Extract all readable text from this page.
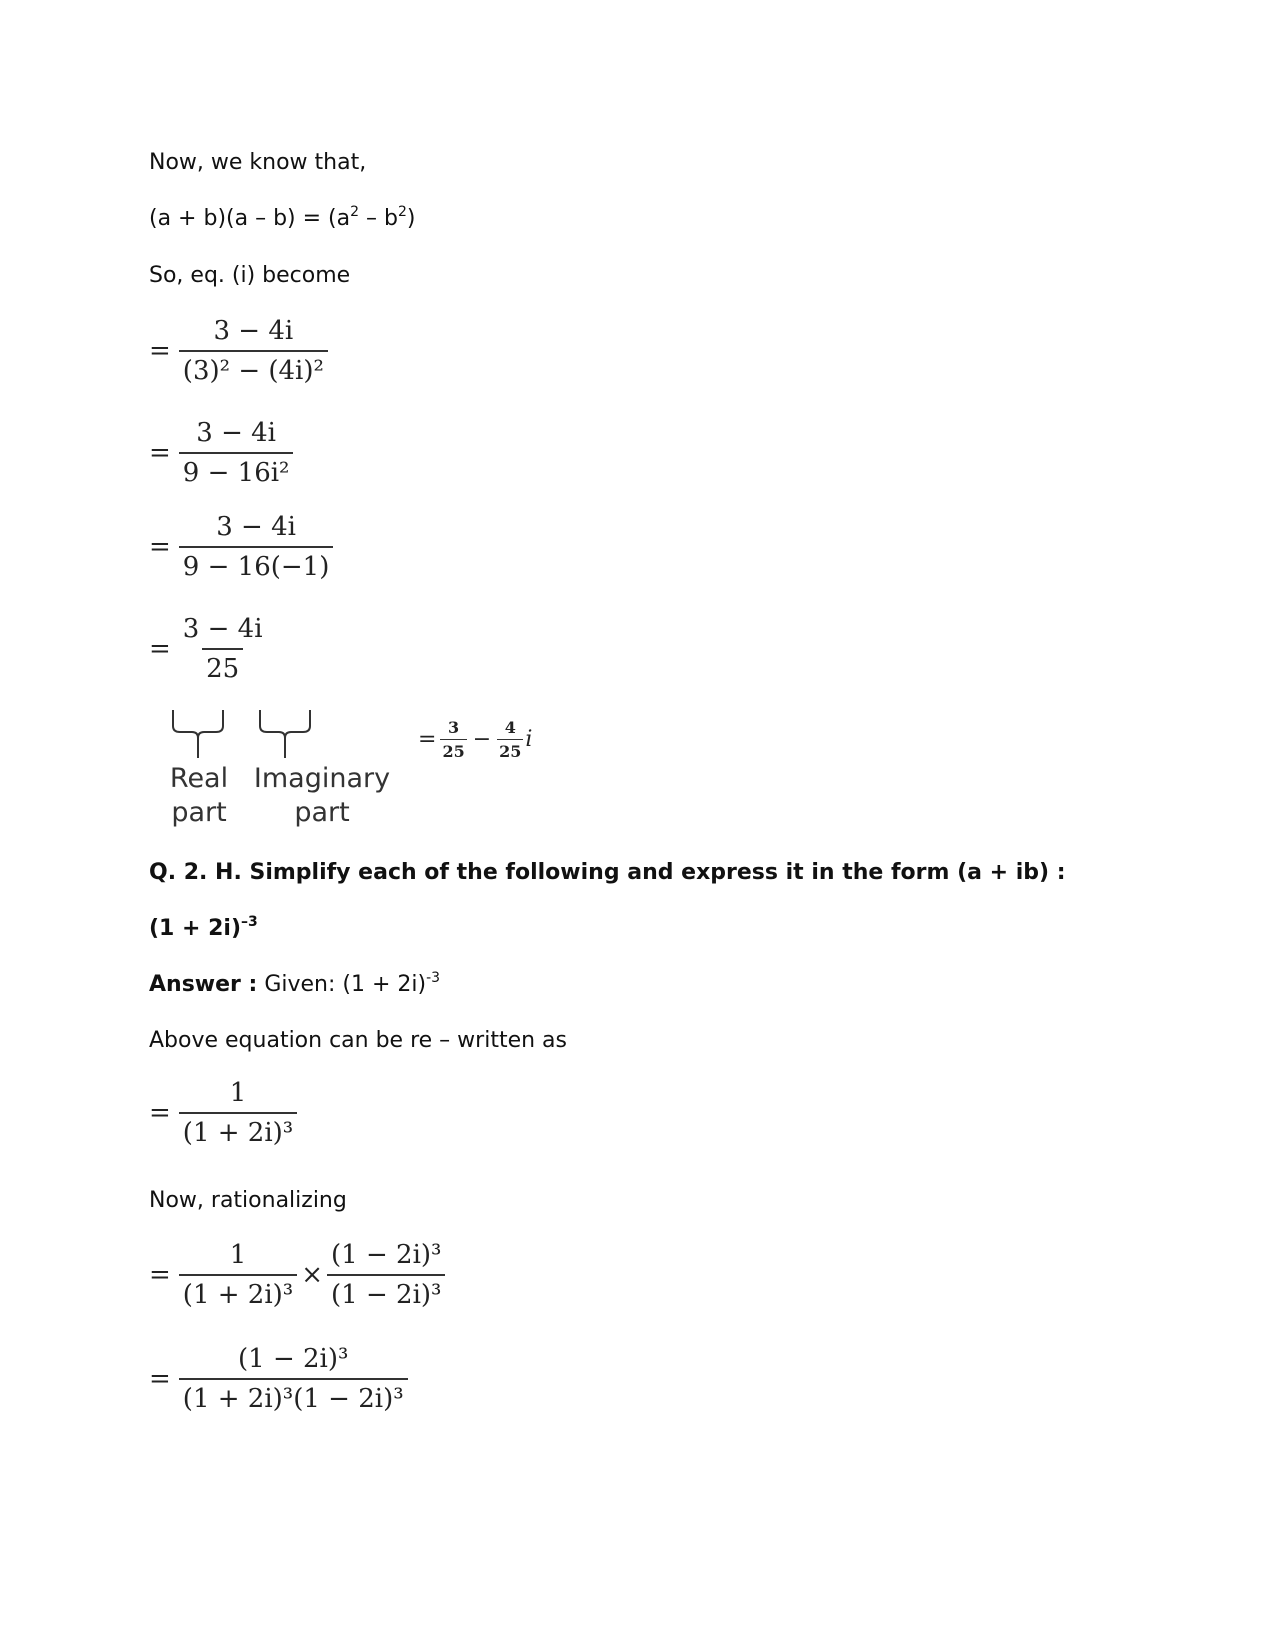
Now, we know that,
$(a + b)(a - b) = (a^2 - b^2)$
So, eq. (i) become
= $\frac{3 - 4i}{\text{(3)² − (4i)²}}$
= $\frac{3 - 4i}{\text{9 − 16i²}}$
= $\frac{3 - 4i}{9 - 16(-1)}$
= $\frac{3 - 4i}{25}$
Real part
Imaginary part
= $\frac{3}{25} - \frac{4}{25}$ i
Q. 2. H. Simplify each of the following and express it in the form (a + ib) :
$(1 + 2i)^{-3}$
Answer : Given: $(1 + 2i)^{-3}$
Above equation can be re – written as
= $\frac{1}{\text{(1 + 2i)³}}$
Now, rationalizing
= $\frac{1}{\text{(1 + 2i)³}} \times \frac{\text{(1 − 2i)³}}{\text{(1 − 2i)³}}$
= $\frac{\text{(1 − 2i)³}}{\text{(1 + 2i)³(1 − 2i)³}}$
